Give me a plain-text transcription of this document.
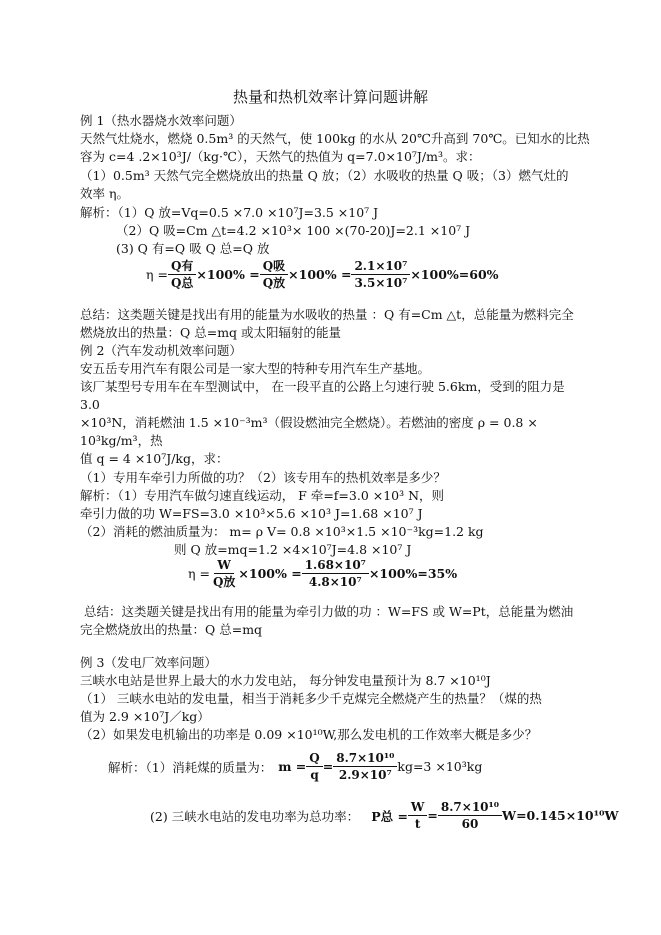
热量和热机效率计算问题讲解
例 1（热水器烧水效率问题）
天然气灶烧水，燃烧 0.5m³ 的天然气，使 100kg 的水从 20℃升高到 70℃。已知水的比热
容为 c=4 .2×10³J/（kg·℃），天然气的热值为 q=7.0×10⁷J/m³。求：
（1）0.5m³ 天然气完全燃烧放出的热量 Q 放；（2）水吸收的热量 Q 吸；（3）燃气灶的
效率 η。
解析：（1）Q 放=Vq=0.5 ×7.0 ×10⁷J=3.5 ×10⁷ J
（2）Q 吸=Cm △t=4.2 ×10³× 100 ×(70-20)J=2.1 ×10⁷ J
(3) Q 有=Q 吸 Q 总=Q 放
$\eta = \frac{\text{Q有}}{\text{Q总}} \times 100\% = \frac{\text{Q吸}}{\text{Q放}} \times 100\% = \frac{\text{2.1×10⁷}}{\text{3.5×10⁷}} \times 100\%=60\%$
总结：这类题关键是找出有用的能量为水吸收的热量 ：Q 有=Cm △t，总能量为燃料完全
燃烧放出的热量：Q 总=mq 或太阳辐射的能量
例 2（汽车发动机效率问题）
安五岳专用汽车有限公司是一家大型的特种专用汽车生产基地。
该厂某型号专用车在车型测试中， 在一段平直的公路上匀速行驶 5.6km，受到的阻力是
3.0
×10³N，消耗燃油 1.5 ×10⁻³m³（假设燃油完全燃烧）。若燃油的密度 ρ = 0.8 ×
10³kg/m³，热
值 q = 4 ×10⁷J/kg，求：
（1）专用车牵引力所做的功？（2）该专用车的热机效率是多少？
解析：（1）专用汽车做匀速直线运动， F 牵=f=3.0 ×10³ N，则
牵引力做的功 W=FS=3.0 ×10³×5.6 ×10³ J=1.68 ×10⁷ J
（2）消耗的燃油质量为： m= ρ V= 0.8 ×10³×1.5 ×10⁻³kg=1.2 kg
则 Q 放=mq=1.2 ×4×10⁷J=4.8 ×10⁷ J
$\eta = \frac{W}{\text{Q放}} \times 100\% = \frac{\text{1.68×10⁷}}{\text{4.8×10⁷}} \times 100\%=35\%$
总结：这类题关键是找出有用的能量为牵引力做的功 ：W=FS 或 W=Pt，总能量为燃油
完全燃烧放出的热量：Q 总=mq
例 3（发电厂效率问题）
三峡水电站是世界上最大的水力发电站， 每分钟发电量预计为 8.7 ×10¹⁰J
（1） 三峡水电站的发电量，相当于消耗多少千克煤完全燃烧产生的热量？（煤的热
值为 2.9 ×10⁷J／kg）
（2）如果发电机输出的功率是 0.09 ×10¹⁰W,那么发电机的工作效率大概是多少？
解析：（1）消耗煤的质量为： $m = \frac{Q}{q} = \frac{\text{8.7×10¹⁰}}{\text{2.9×10⁷}} kg=3 \times 10^3kg$
(2) 三峡水电站的发电功率为总功率： P总 = $\frac{W}{t} = \frac{\text{8.7×10¹⁰}}{60} W=0.145\times 10^{10}W$
